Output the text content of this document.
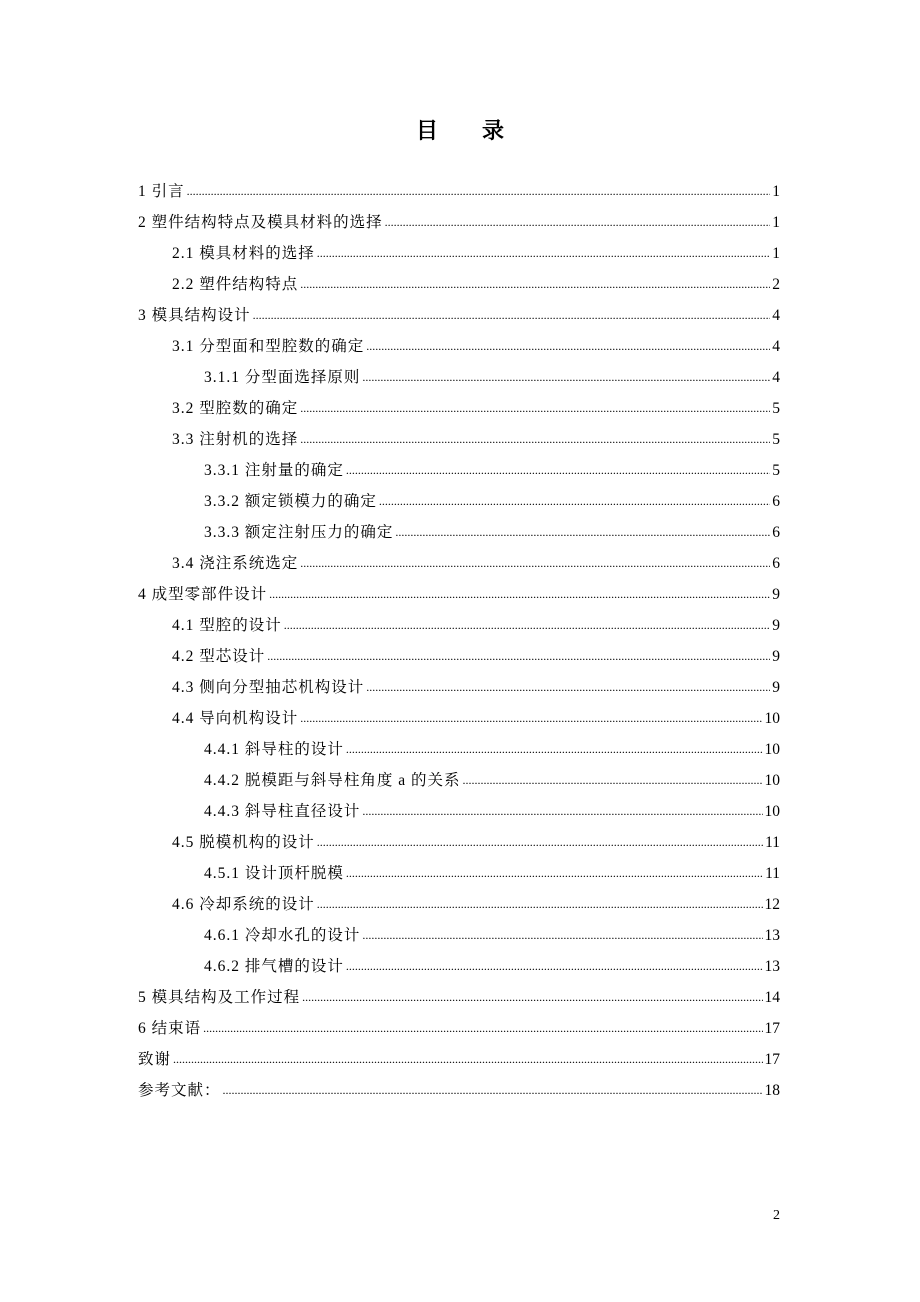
目 录
1 引言 .....	1
2 塑件结构特点及模具材料的选择 .....	1
2.1 模具材料的选择 .....	1
2.2 塑件结构特点 .....	2
3 模具结构设计 .....	4
3.1 分型面和型腔数的确定 .....	4
3.1.1 分型面选择原则 .....	4
3.2 型腔数的确定 .....	5
3.3 注射机的选择 .....	5
3.3.1 注射量的确定 .....	5
3.3.2 额定锁模力的确定 .....	6
3.3.3 额定注射压力的确定 .....	6
3.4 浇注系统选定 .....	6
4 成型零部件设计 .....	9
4.1 型腔的设计 .....	9
4.2 型芯设计 .....	9
4.3 侧向分型抽芯机构设计 .....	9
4.4 导向机构设计 .....	10
4.4.1 斜导柱的设计 .....	10
4.4.2 脱模距与斜导柱角度 a 的关系 .....	10
4.4.3 斜导柱直径设计 .....	10
4.5 脱模机构的设计 .....	11
4.5.1 设计顶杆脱模 .....	11
4.6 冷却系统的设计 .....	12
4.6.1 冷却水孔的设计 .....	13
4.6.2 排气槽的设计 .....	13
5 模具结构及工作过程 .....	14
6 结束语 .....	17
致谢 .....	17
参考文献： .....	18
2
